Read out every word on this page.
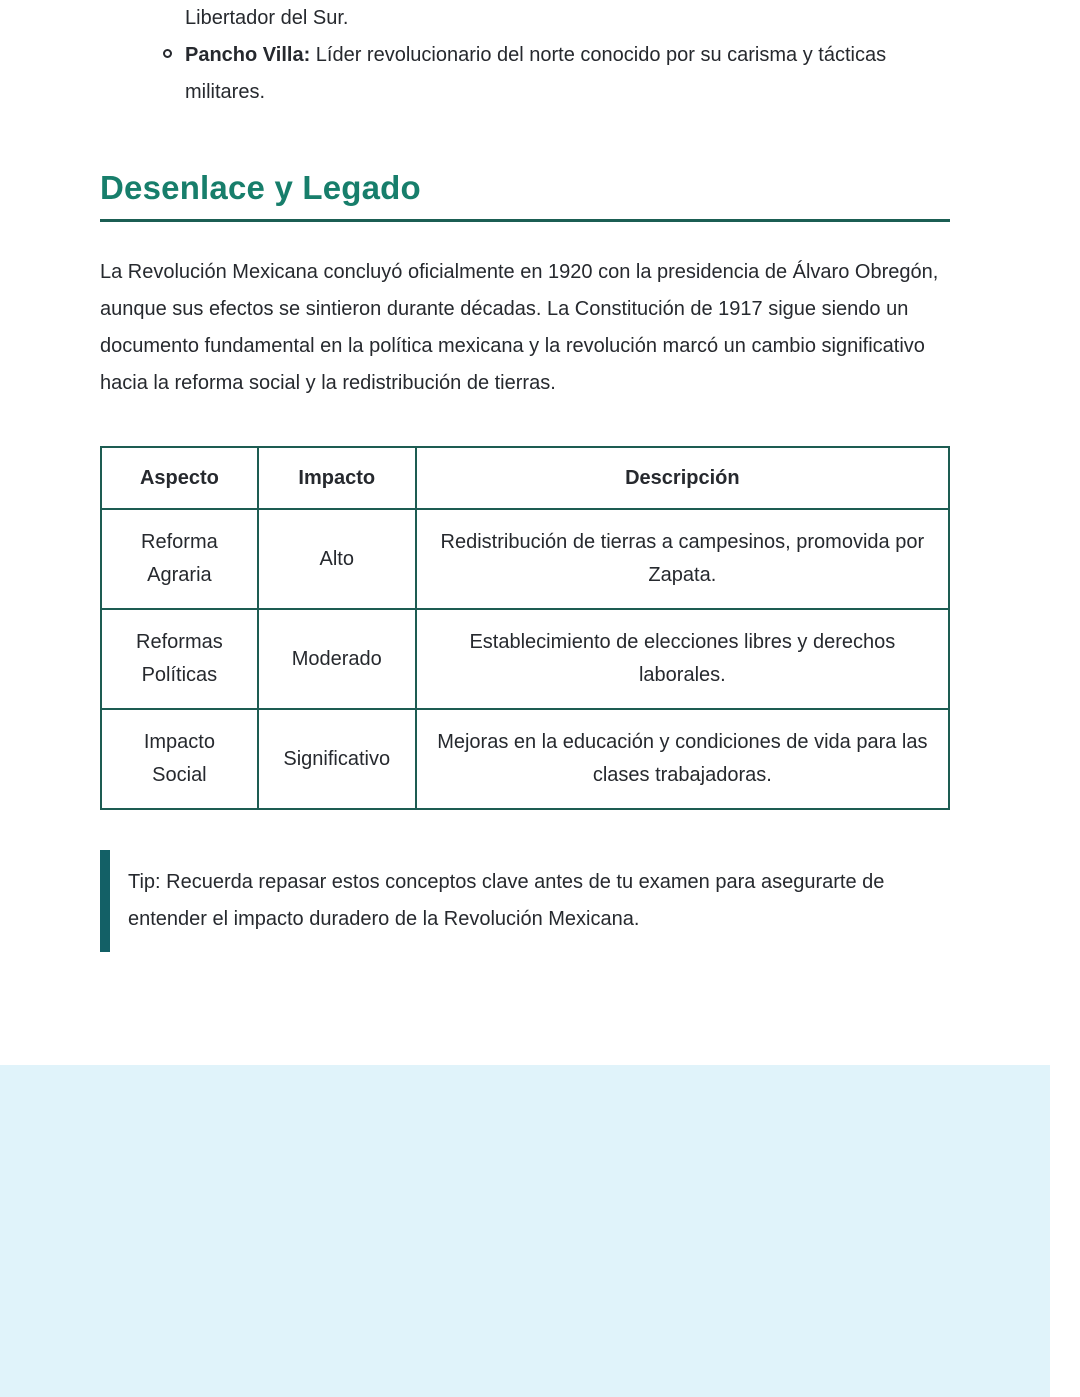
Libertador del Sur.
Pancho Villa: Líder revolucionario del norte conocido por su carisma y tácticas militares.
Desenlace y Legado

La Revolución Mexicana concluyó oficialmente en 1920 con la presidencia de Álvaro Obregón, aunque sus efectos se sintieron durante décadas. La Constitución de 1917 sigue siendo un documento fundamental en la política mexicana y la revolución marcó un cambio significativo hacia la reforma social y la redistribución de tierras.

Aspecto	Impacto	Descripción
Reforma Agraria	Alto	Redistribución de tierras a campesinos, promovida por Zapata.
Reformas Políticas	Moderado	Establecimiento de elecciones libres y derechos laborales.
Impacto Social	Significativo	Mejoras en la educación y condiciones de vida para las clases trabajadoras.
Tip: Recuerda repasar estos conceptos clave antes de tu examen para asegurarte de entender el impacto duradero de la Revolución Mexicana.
